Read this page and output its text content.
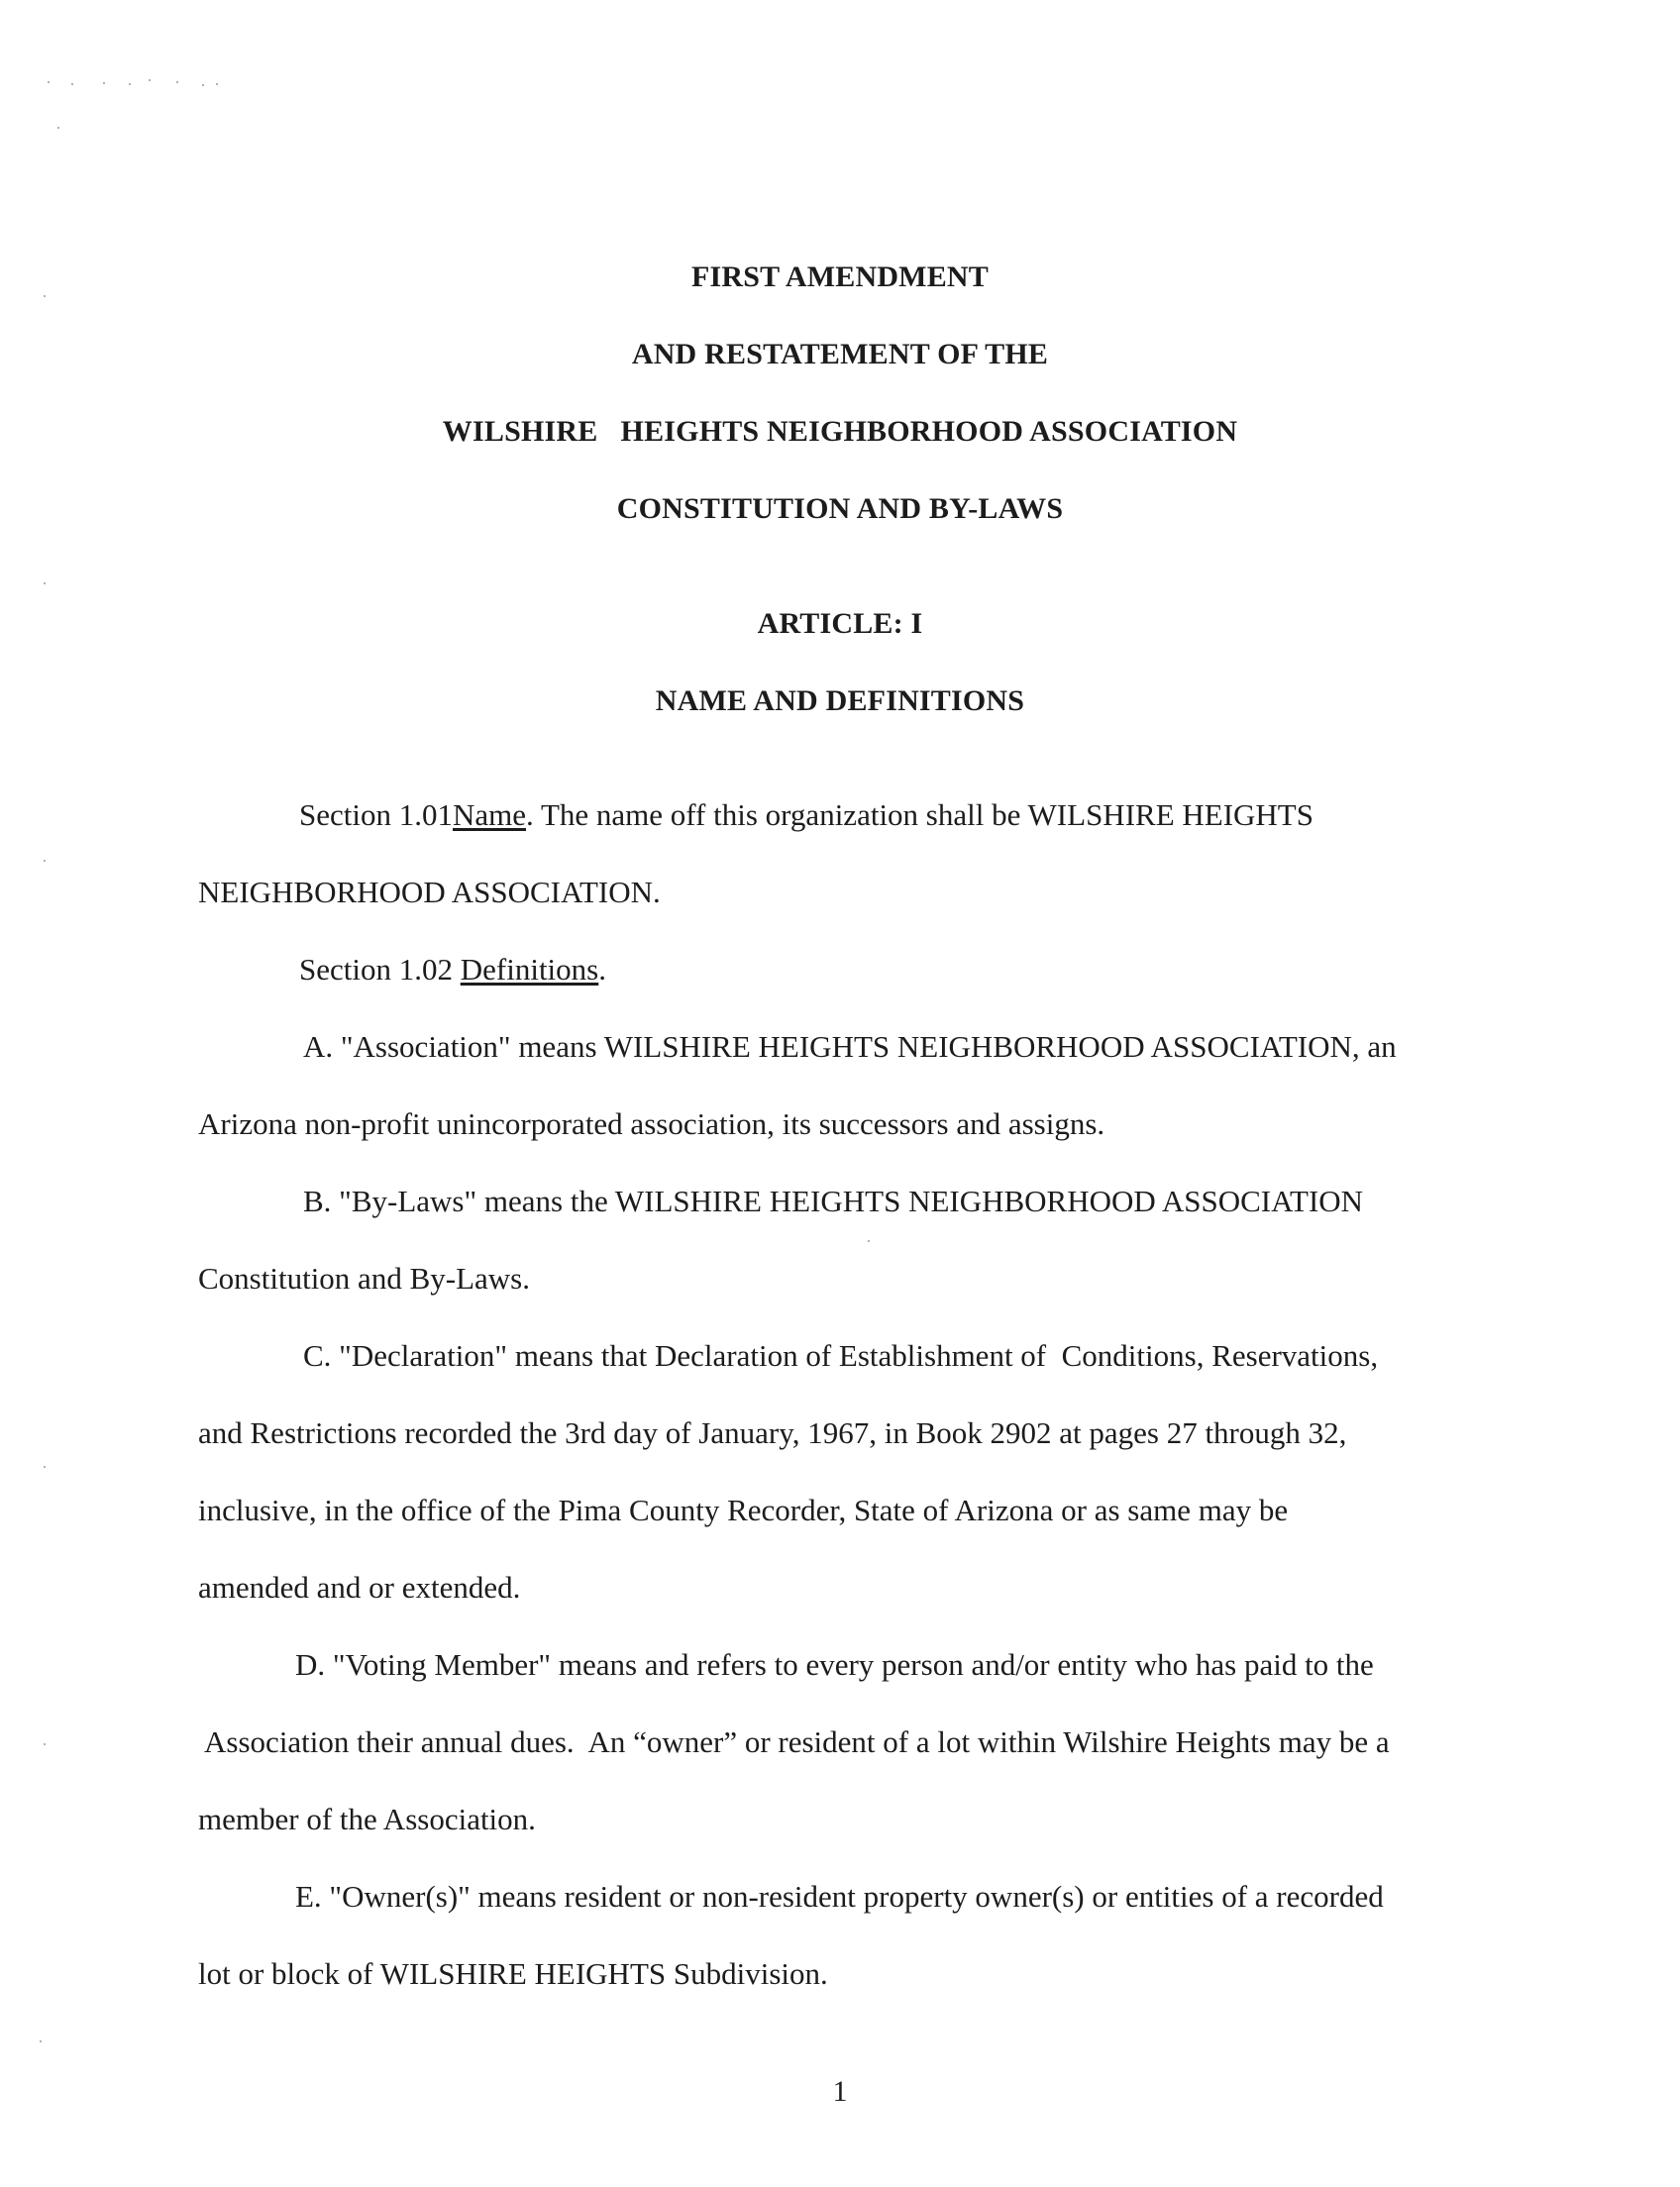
FIRST AMENDMENT
AND RESTATEMENT OF THE
WILSHIRE   HEIGHTS NEIGHBORHOOD ASSOCIATION
CONSTITUTION AND BY-LAWS
ARTICLE: I
NAME AND DEFINITIONS
Section 1.01Name. The name off this organization shall be WILSHIRE HEIGHTS
NEIGHBORHOOD ASSOCIATION.
Section 1.02 Definitions.
A. "Association" means WILSHIRE HEIGHTS NEIGHBORHOOD ASSOCIATION, an
Arizona non-profit unincorporated association, its successors and assigns.
B. "By-Laws" means the WILSHIRE HEIGHTS NEIGHBORHOOD ASSOCIATION
Constitution and By-Laws.
C. "Declaration" means that Declaration of Establishment of  Conditions, Reservations,
and Restrictions recorded the 3rd day of January, 1967, in Book 2902 at pages 27 through 32,
inclusive, in the office of the Pima County Recorder, State of Arizona or as same may be
amended and or extended.
D. "Voting Member" means and refers to every person and/or entity who has paid to the
Association their annual dues.  An “owner” or resident of a lot within Wilshire Heights may be a
member of the Association.
E. "Owner(s)" means resident or non-resident property owner(s) or entities of a recorded
lot or block of WILSHIRE HEIGHTS Subdivision.
1
